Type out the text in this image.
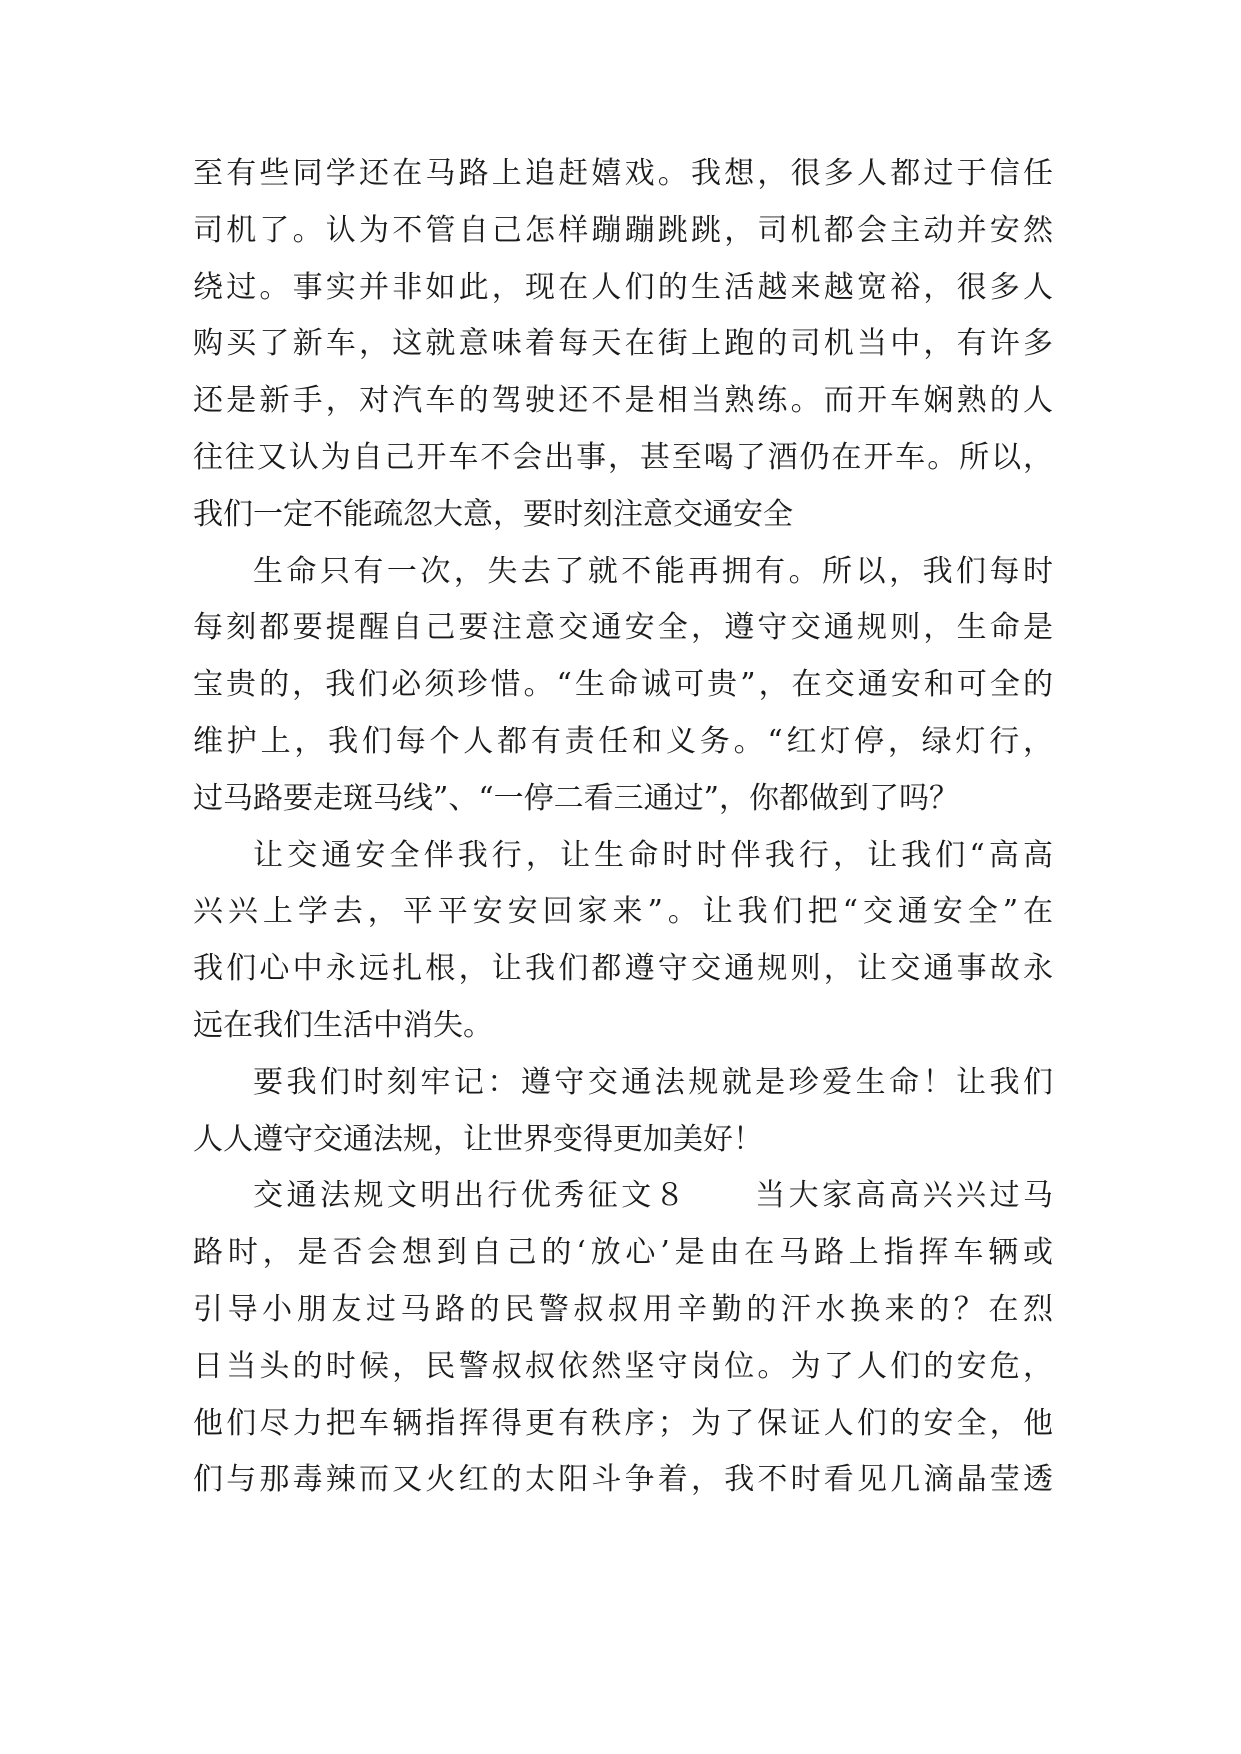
至有些同学还在马路上追赶嬉戏。我想，很多人都过于信任
司机了。认为不管自己怎样蹦蹦跳跳，司机都会主动并安然
绕过。事实并非如此，现在人们的生活越来越宽裕，很多人
购买了新车，这就意味着每天在街上跑的司机当中，有许多
还是新手，对汽车的驾驶还不是相当熟练。而开车娴熟的人
往往又认为自己开车不会出事，甚至喝了酒仍在开车。所以，
我们一定不能疏忽大意，要时刻注意交通安全
生命只有一次，失去了就不能再拥有。所以，我们每时
每刻都要提醒自己要注意交通安全，遵守交通规则，生命是
宝贵的，我们必须珍惜。“生命诚可贵”，在交通安和可全的
维护上，我们每个人都有责任和义务。“红灯停，绿灯行，
过马路要走斑马线”、“一停二看三通过”，你都做到了吗？
让交通安全伴我行，让生命时时伴我行，让我们“高高
兴兴上学去，平平安安回家来”。让我们把“交通安全”在
我们心中永远扎根，让我们都遵守交通规则，让交通事故永
远在我们生活中消失。
要我们时刻牢记：遵守交通法规就是珍爱生命！让我们
人人遵守交通法规，让世界变得更加美好！
交通法规文明出行优秀征文８　　当大家高高兴兴过马
路时，是否会想到自己的‘放心’是由在马路上指挥车辆或
引导小朋友过马路的民警叔叔用辛勤的汗水换来的？在烈
日当头的时候，民警叔叔依然坚守岗位。为了人们的安危，
他们尽力把车辆指挥得更有秩序；为了保证人们的安全，他
们与那毒辣而又火红的太阳斗争着，我不时看见几滴晶莹透
